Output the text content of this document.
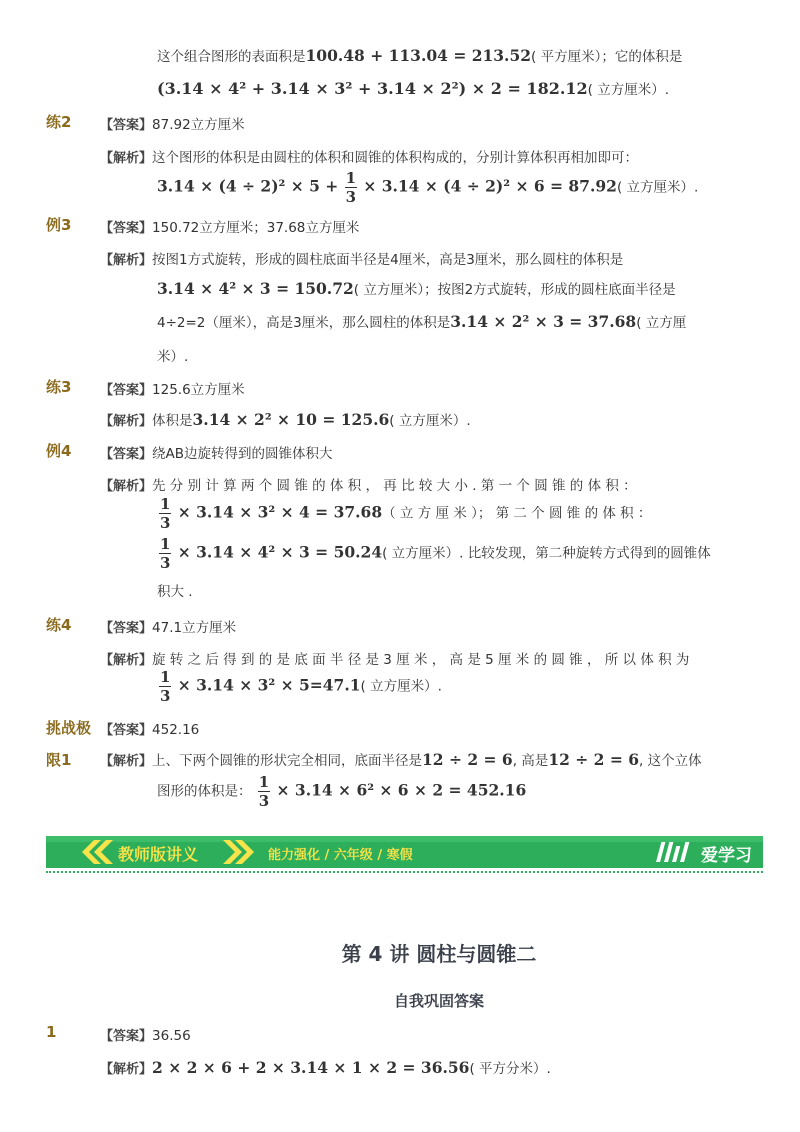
这个组合图形的表面积是100.48 + 113.04 = 213.52( 平方厘米）；它的体积是
(3.14 × 4² + 3.14 × 3² + 3.14 × 2²) × 2 = 182.12( 立方厘米）.
练2 【答案】87.92立方厘米
【解析】这个图形的体积是由圆柱的体积和圆锥的体积构成的，分别计算体积再相加即可：
$3.14 \times (4 \div 2)^2 \times 5 + \frac{1}{3} \times 3.14 \times (4 \div 2)^2 \times 6 = 87.92$( 立方厘米）.
例3 【答案】150.72立方厘米；37.68立方厘米
【解析】按图1方式旋转，形成的圆柱底面半径是4厘米，高是3厘米，那么圆柱的体积是
3.14 × 4² × 3 = 150.72( 立方厘米）；按图2方式旋转，形成的圆柱底面半径是
4÷2=2（厘米），高是3厘米，那么圆柱的体积是3.14 × 2² × 3 = 37.68( 立方厘
米）.
练3 【答案】125.6立方厘米
【解析】体积是3.14 × 2² × 10 = 125.6( 立方厘米）.
例4 【答案】绕AB边旋转得到的圆锥体积大
【解析】先 分 别 计 算 两 个 圆 锥 的 体 积 ， 再 比 较 大 小 . 第 一 个 圆 锥 的 体 积 ：
$\frac{1}{3} \times 3.14 \times 3^2 \times 4 = 37.68$（ 立 方 厘 米 ）； 第 二 个 圆 锥 的 体 积 ：
$\frac{1}{3} \times 3.14 \times 4^2 \times 3 = 50.24$( 立方厘米）. 比较发现，第二种旋转方式得到的圆锥体
积大 .
练4 【答案】47.1立方厘米
【解析】旋 转 之 后 得 到 的 是 底 面 半 径 是 3 厘 米 ， 高 是 5 厘 米 的 圆 锥 ， 所 以 体 积 为
$\frac{1}{3} \times 3.14 \times 3^2 \times 5=47.1$( 立方厘米）.
挑战极
限1
【答案】452.16
【解析】上、下两个圆锥的形状完全相同，底面半径是12 ÷ 2 = 6, 高是12 ÷ 2 = 6, 这个立体
图形的体积是： $\frac{1}{3} \times 3.14 \times 6^2 \times 6 \times 2 = 452.16$
教师版讲义	能力强化 / 六年级 / 寒假	爱学习
第 4 讲 圆柱与圆锥二
自我巩固答案
1	【答案】36.56
【解析】2 × 2 × 6 + 2 × 3.14 × 1 × 2 = 36.56( 平方分米）.
